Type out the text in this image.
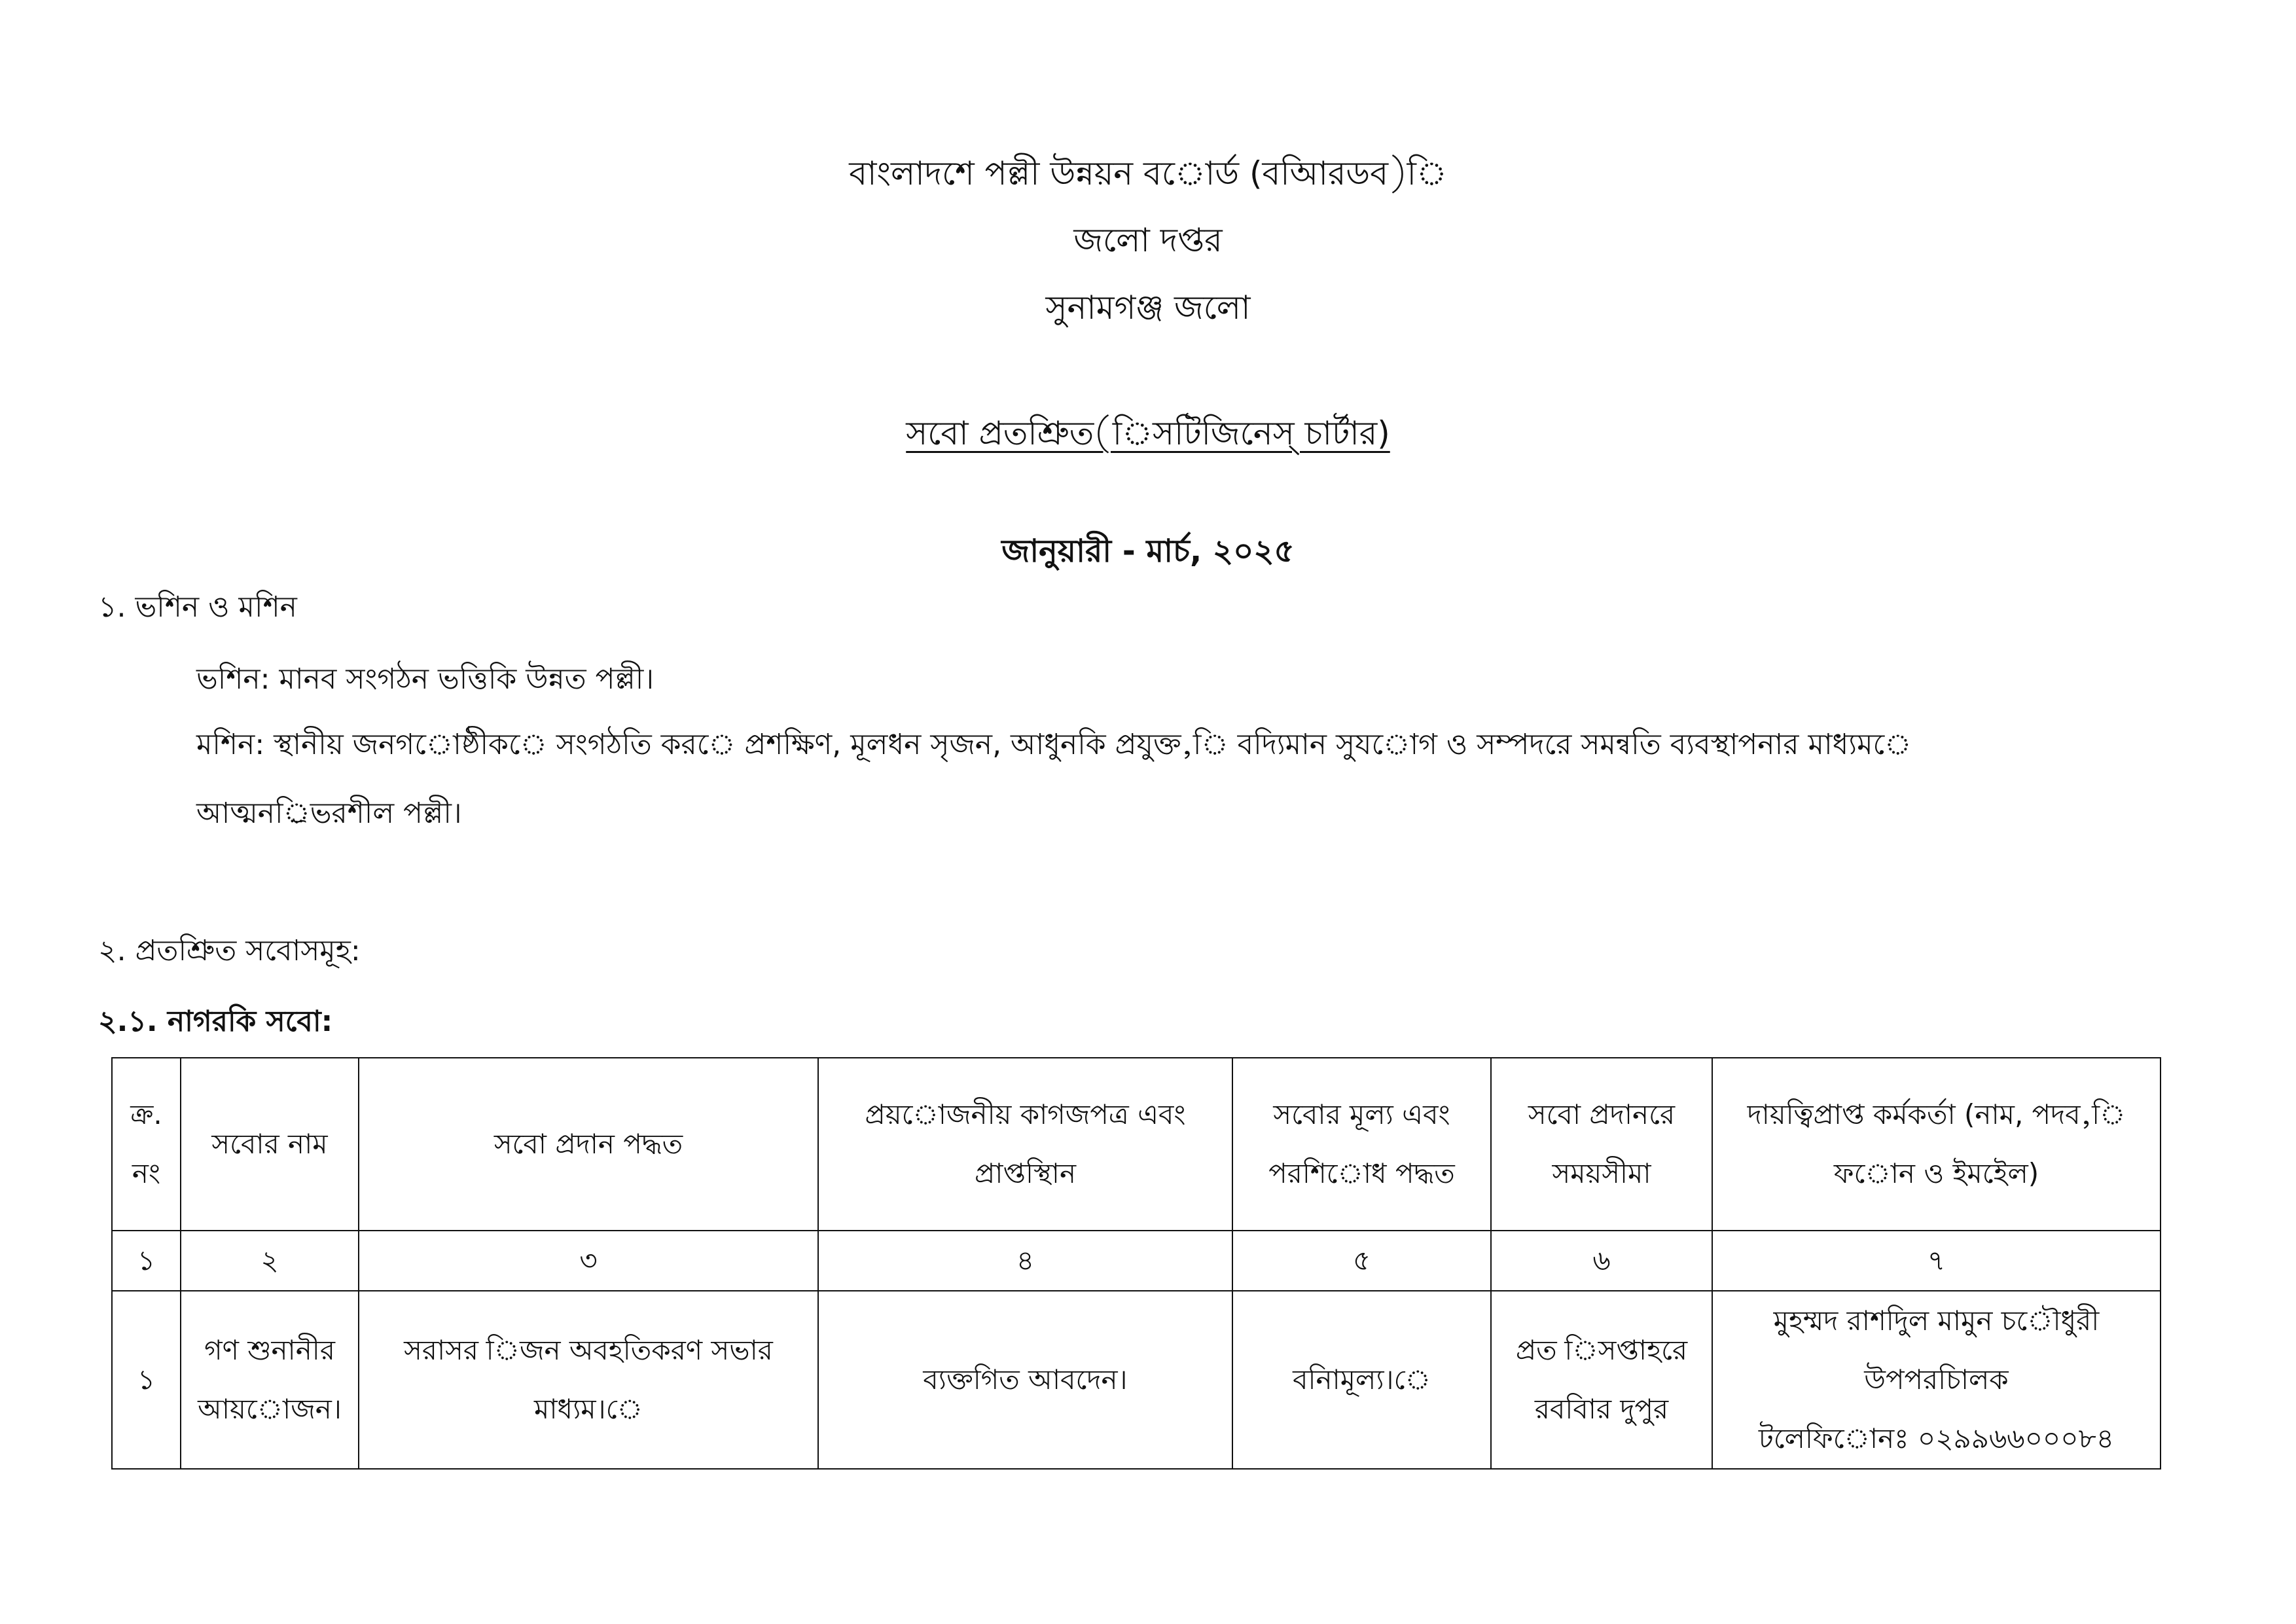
বাংলাদশে পল্লী উন্নয়ন ব◌োর্ড (বআিরডব)ি
জলো দপ্তর
সুনামগঞ্জ জলো
সবো প্রতশ্রিুত(িসটিজিনেস্ চার্টার)
জানুয়ারী - মার্চ, ২০২৫
১. ভশিন ও মশিন
ভশিন: মানব সংগঠন ভত্তিকি উন্নত পল্লী।
মশিন: স্থানীয় জনগ◌োষ্ঠীক◌ে সংগঠতি কর◌ে প্রশক্ষিণ, মূলধন সৃজন, আধুনকি প্রযুক্ত,ি বদ্যিমান সুয◌োগ ও সম্পদরে সমন্বতি ব্যবস্থাপনার মাধ্যম◌ে
আত্মনর্িভরশীল পল্লী।
২. প্রতশ্রিুত সবোসমূহ:
২.১. নাগরকি সবো:
ক্র. নং	সবোর নাম	সবো প্রদান পদ্ধত	প্রয়◌োজনীয় কাগজপত্র এবং প্রাপ্তস্থিান	সবোর মূল্য এবং পরশি◌োধ পদ্ধত	সবো প্রদানরে সময়সীমা	দায়ত্বিপ্রাপ্ত কর্মকর্তা (নাম, পদব,ি ফ◌োন ও ইমইেল)
১	২	৩	৪	৫	৬	৭
১	গণ শুনানীর আয়◌োজন।	সরাসর িজন অবহতিকরণ সভার মাধ্যম।ে	ব্যক্তগিত আবদেন।	বনিামূল্য।ে	প্রত িসপ্তাহরে রববিার দুপুর	মুহম্মদ রাশদিুল মামুন চ◌ৌধুরী
উপপরচিালক
টলেফি◌োনঃ ০২৯৯৬৬০০০৮৪
